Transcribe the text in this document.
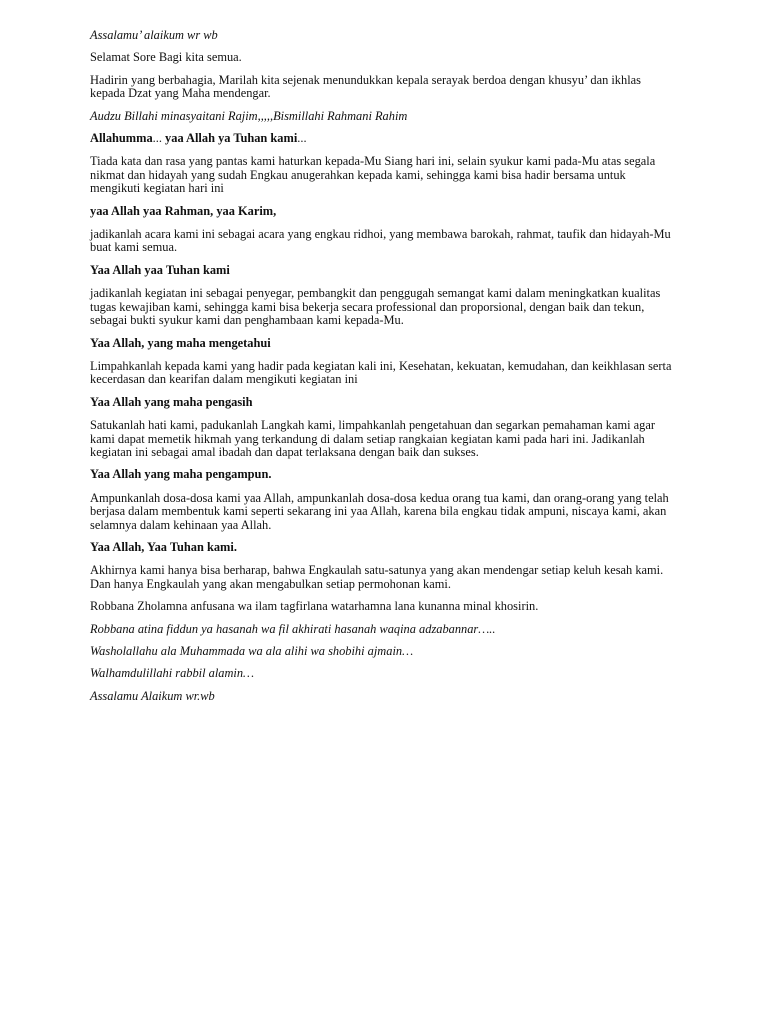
Assalamu’ alaikum wr wb

Selamat Sore Bagi kita semua.

Hadirin yang berbahagia, Marilah kita sejenak menundukkan kepala serayak berdoa dengan khusyu’ dan ikhlas kepada Dzat yang Maha mendengar.

Audzu Billahi minasyaitani Rajim,,,,,Bismillahi Rahmani Rahim

Allahumma... yaa Allah ya Tuhan kami...

Tiada kata dan rasa yang pantas kami haturkan kepada-Mu Siang hari ini, selain syukur kami pada-Mu atas segala nikmat dan hidayah yang sudah Engkau anugerahkan kepada kami, sehingga kami bisa hadir bersama untuk mengikuti kegiatan hari ini

yaa Allah yaa Rahman, yaa Karim,

jadikanlah acara kami ini sebagai acara yang engkau ridhoi, yang membawa barokah, rahmat, taufik dan hidayah-Mu buat kami semua.

Yaa Allah yaa Tuhan kami

jadikanlah kegiatan ini sebagai penyegar, pembangkit dan penggugah semangat kami dalam meningkatkan kualitas tugas kewajiban kami, sehingga kami bisa bekerja secara professional dan proporsional, dengan baik dan tekun, sebagai bukti syukur kami dan penghambaan kami kepada-Mu.

Yaa Allah, yang maha mengetahui

Limpahkanlah kepada kami yang hadir pada kegiatan kali ini, Kesehatan, kekuatan, kemudahan, dan keikhlasan serta kecerdasan dan kearifan dalam mengikuti kegiatan ini

Yaa Allah yang maha pengasih

Satukanlah hati kami, padukanlah Langkah kami, limpahkanlah pengetahuan dan segarkan pemahaman kami agar kami dapat memetik hikmah yang terkandung di dalam setiap rangkaian kegiatan kami pada hari ini. Jadikanlah kegiatan ini sebagai amal ibadah dan dapat terlaksana dengan baik dan sukses.

Yaa Allah yang maha pengampun.

Ampunkanlah dosa-dosa kami yaa Allah, ampunkanlah dosa-dosa kedua orang tua kami, dan orang-orang yang telah berjasa dalam membentuk kami seperti sekarang ini yaa Allah, karena bila engkau tidak ampuni, niscaya kami, akan selamnya dalam kehinaan yaa Allah.

Yaa Allah, Yaa Tuhan kami.

Akhirnya kami hanya bisa berharap, bahwa Engkaulah satu-satunya yang akan mendengar setiap keluh kesah kami. Dan hanya Engkaulah yang akan mengabulkan setiap permohonan kami.

Robbana Zholamna anfusana wa ilam tagfirlana watarhamna lana kunanna minal khosirin.

Robbana atina fiddun ya hasanah wa fil akhirati hasanah waqina adzabannar…..

Washolallahu ala Muhammada wa ala alihi wa shobihi ajmain…

Walhamdulillahi rabbil alamin…

Assalamu Alaikum wr.wb
